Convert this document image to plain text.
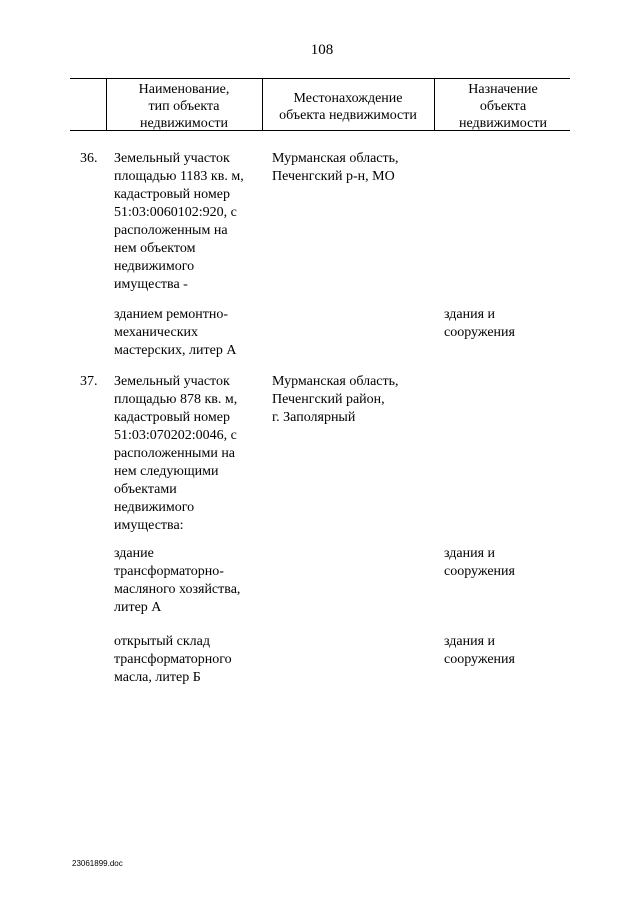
108
Наименование,
тип объекта
недвижимости
Местонахождение
объекта недвижимости
Назначение
объекта
недвижимости
36. Земельный участок
площадью 1183 кв. м,
кадастровый номер
51:03:0060102:920, с
расположенным на
нем объектом
недвижимого
имущества -
Мурманская область,
Печенгский р-н, МО
зданием ремонтно-
механических
мастерских, литер А
здания и
сооружения
37. Земельный участок
площадью 878 кв. м,
кадастровый номер
51:03:070202:0046, с
расположенными на
нем следующими
объектами
недвижимого
имущества:
Мурманская область,
Печенгский район,
г. Заполярный
здание
трансформаторно-
масляного хозяйства,
литер А
здания и
сооружения
открытый склад
трансформаторного
масла, литер Б
здания и
сооружения
23061899.doc
